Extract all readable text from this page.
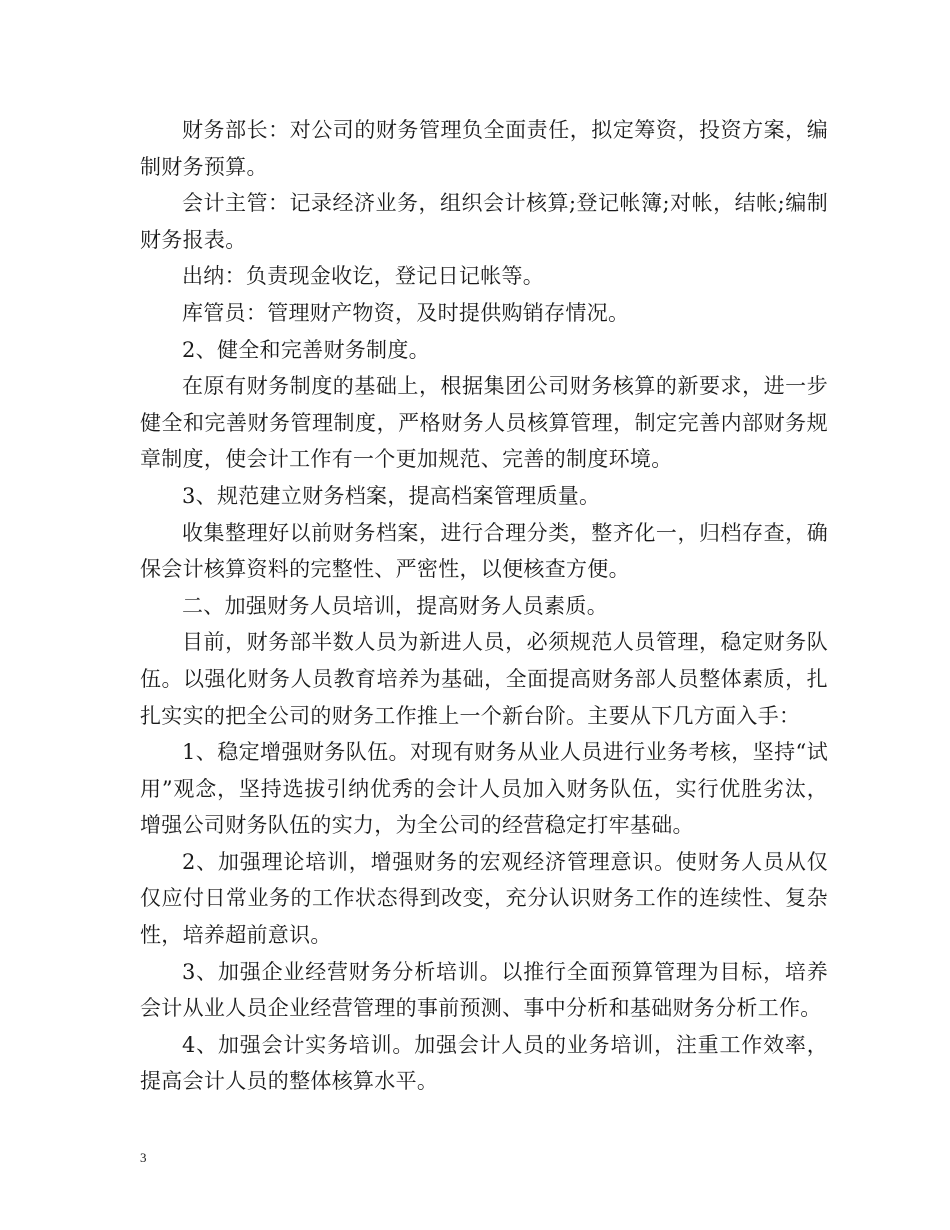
财务部长：对公司的财务管理负全面责任，拟定筹资，投资方案，编制财务预算。

会计主管：记录经济业务，组织会计核算;登记帐簿;对帐，结帐;编制财务报表。

出纳：负责现金收讫，登记日记帐等。

库管员：管理财产物资，及时提供购销存情况。

2、健全和完善财务制度。

在原有财务制度的基础上，根据集团公司财务核算的新要求，进一步健全和完善财务管理制度，严格财务人员核算管理，制定完善内部财务规章制度，使会计工作有一个更加规范、完善的制度环境。

3、规范建立财务档案，提高档案管理质量。

收集整理好以前财务档案，进行合理分类，整齐化一，归档存查，确保会计核算资料的完整性、严密性，以便核查方便。

二、加强财务人员培训，提高财务人员素质。

目前，财务部半数人员为新进人员，必须规范人员管理，稳定财务队伍。以强化财务人员教育培养为基础，全面提高财务部人员整体素质，扎扎实实的把全公司的财务工作推上一个新台阶。主要从下几方面入手：

1、稳定增强财务队伍。对现有财务从业人员进行业务考核，坚持“试用”观念，坚持选拔引纳优秀的会计人员加入财务队伍，实行优胜劣汰，增强公司财务队伍的实力，为全公司的经营稳定打牢基础。

2、加强理论培训，增强财务的宏观经济管理意识。使财务人员从仅仅应付日常业务的工作状态得到改变，充分认识财务工作的连续性、复杂性，培养超前意识。

3、加强企业经营财务分析培训。以推行全面预算管理为目标，培养会计从业人员企业经营管理的事前预测、事中分析和基础财务分析工作。

4、加强会计实务培训。加强会计人员的业务培训，注重工作效率，提高会计人员的整体核算水平。

3
